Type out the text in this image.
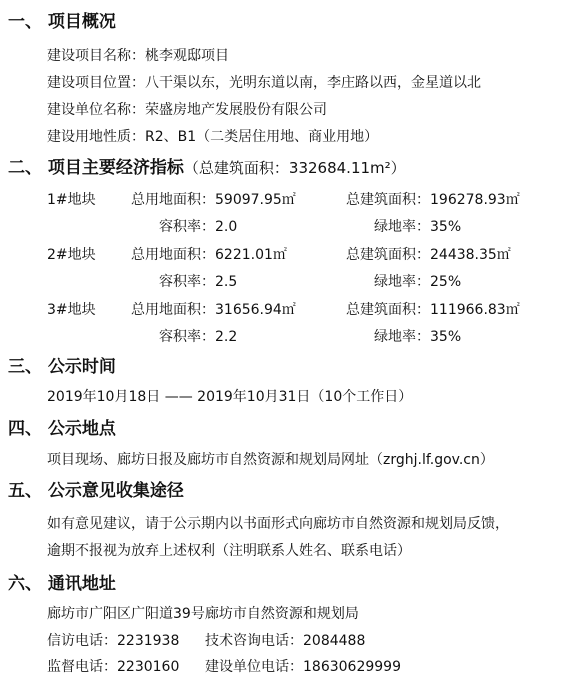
一、 项目概况
建设项目名称：桃李观邸项目
建设项目位置：八干渠以东，光明东道以南，李庄路以西，金星道以北
建设单位名称：荣盛房地产发展股份有限公司
建设用地性质：R2、B1（二类居住用地、商业用地）
二、 项目主要经济指标（总建筑面积：332684.11m²）
1#地块	总用地面积：59097.95㎡	总建筑面积：196278.93㎡
容积率：2.0	绿地率：35%
2#地块	总用地面积：6221.01㎡	总建筑面积：24438.35㎡
容积率：2.5	绿地率：25%
3#地块	总用地面积：31656.94㎡	总建筑面积：111966.83㎡
容积率：2.2	绿地率：35%
三、 公示时间
2019年10月18日 —— 2019年10月31日（10个工作日）
四、 公示地点
项目现场、廊坊日报及廊坊市自然资源和规划局网址（zrghj.lf.gov.cn）
五、 公示意见收集途径
如有意见建议，请于公示期内以书面形式向廊坊市自然资源和规划局反馈，
逾期不报视为放弃上述权利（注明联系人姓名、联系电话）
六、 通讯地址
廊坊市广阳区广阳道39号廊坊市自然资源和规划局
信访电话：2231938 技术咨询电话：2084488
监督电话：2230160 建设单位电话：18630629999
